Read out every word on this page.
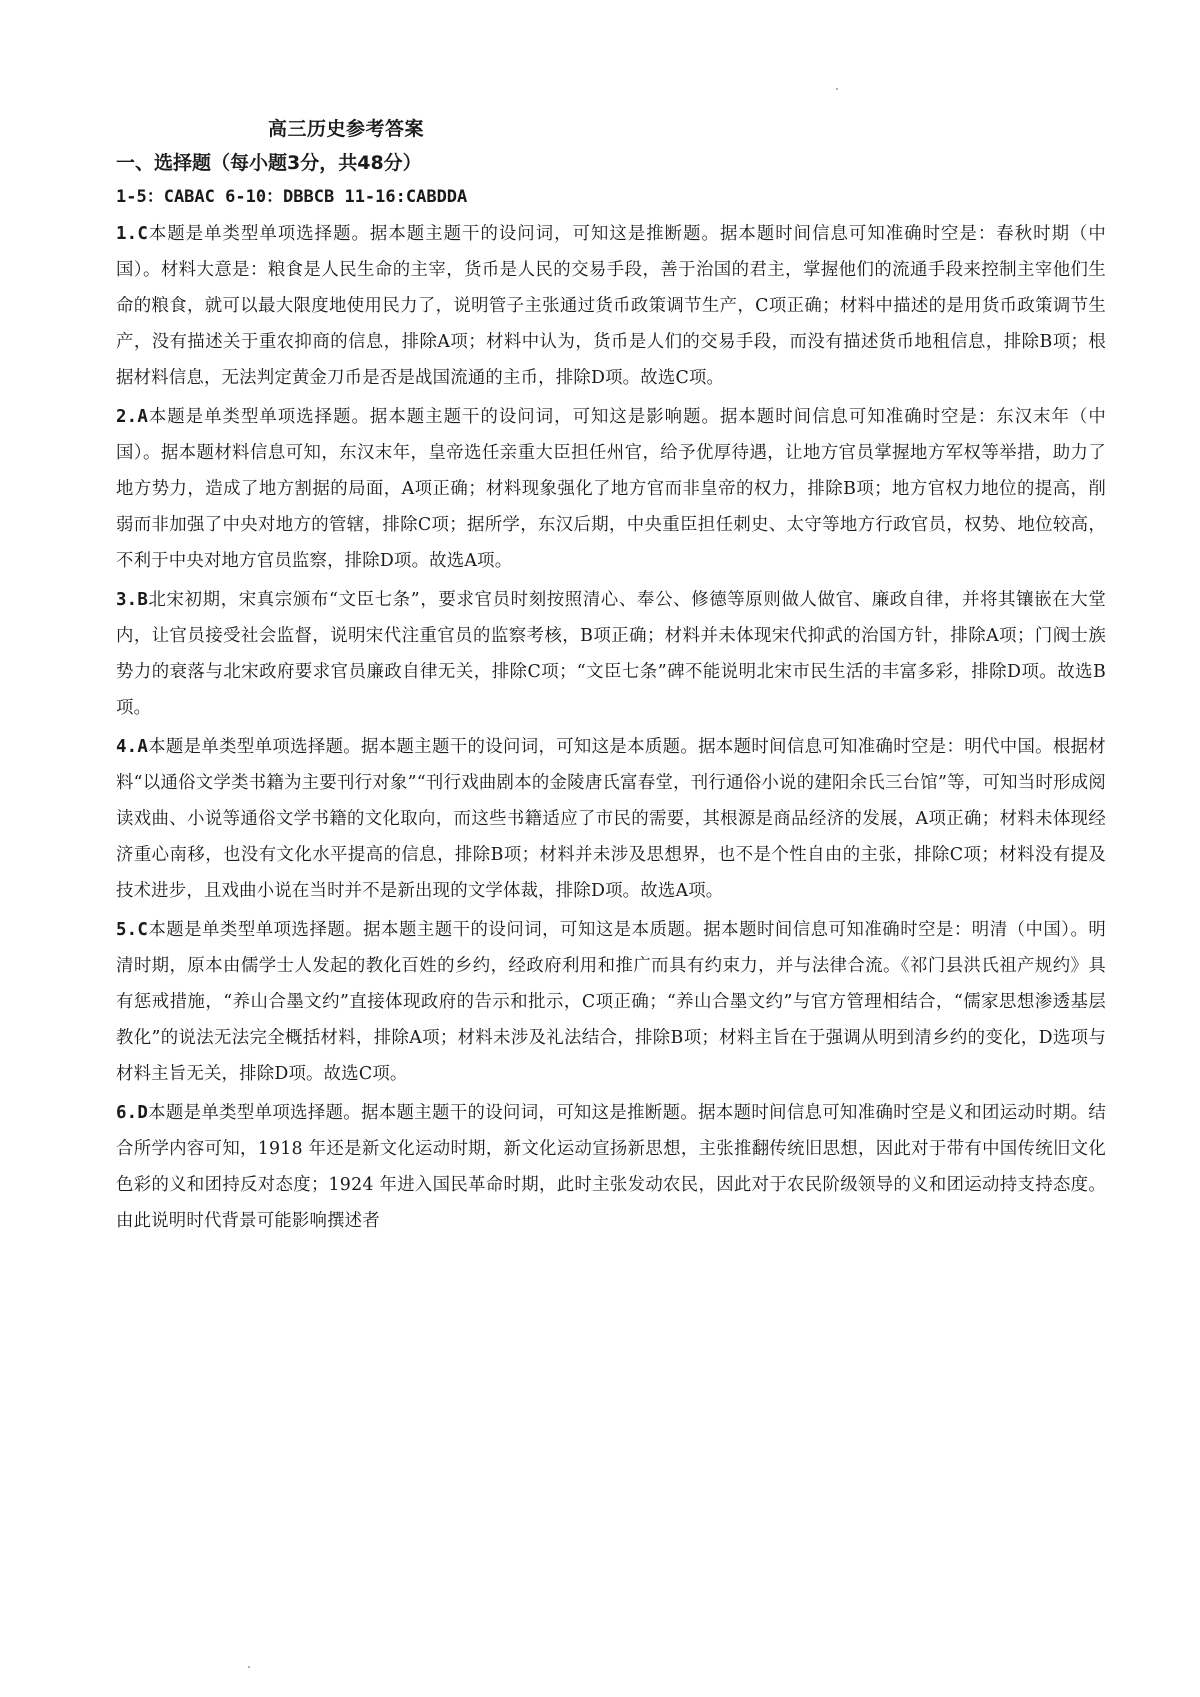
高三历史参考答案
一、选择题（每小题3分，共48分）

1-5：CABAC 6-10：DBBCB 11-16:CABDDA

1.C本题是单类型单项选择题。据本题主题干的设问词，可知这是推断题。据本题时间信息可知准确时空是：春秋时期（中国）。材料大意是：粮食是人民生命的主宰，货币是人民的交易手段，善于治国的君主，掌握他们的流通手段来控制主宰他们生命的粮食，就可以最大限度地使用民力了，说明管子主张通过货币政策调节生产，C项正确；材料中描述的是用货币政策调节生产，没有描述关于重农抑商的信息，排除A项；材料中认为，货币是人们的交易手段，而没有描述货币地租信息，排除B项；根据材料信息，无法判定黄金刀币是否是战国流通的主币，排除D项。故选C项。

2.A本题是单类型单项选择题。据本题主题干的设问词，可知这是影响题。据本题时间信息可知准确时空是：东汉末年（中国）。据本题材料信息可知，东汉末年，皇帝选任亲重大臣担任州官，给予优厚待遇，让地方官员掌握地方军权等举措，助力了地方势力，造成了地方割据的局面，A项正确；材料现象强化了地方官而非皇帝的权力，排除B项；地方官权力地位的提高，削弱而非加强了中央对地方的管辖，排除C项；据所学，东汉后期，中央重臣担任刺史、太守等地方行政官员，权势、地位较高，不利于中央对地方官员监察，排除D项。故选A项。

3.B北宋初期，宋真宗颁布“文臣七条”，要求官员时刻按照清心、奉公、修德等原则做人做官、廉政自律，并将其镶嵌在大堂内，让官员接受社会监督，说明宋代注重官员的监察考核，B项正确；材料并未体现宋代抑武的治国方针，排除A项；门阀士族势力的衰落与北宋政府要求官员廉政自律无关，排除C项；“文臣七条”碑不能说明北宋市民生活的丰富多彩，排除D项。故选B项。

4.A本题是单类型单项选择题。据本题主题干的设问词，可知这是本质题。据本题时间信息可知准确时空是：明代中国。根据材料“以通俗文学类书籍为主要刊行对象”“刊行戏曲剧本的金陵唐氏富春堂，刊行通俗小说的建阳余氏三台馆”等，可知当时形成阅读戏曲、小说等通俗文学书籍的文化取向，而这些书籍适应了市民的需要，其根源是商品经济的发展，A项正确；材料未体现经济重心南移，也没有文化水平提高的信息，排除B项；材料并未涉及思想界，也不是个性自由的主张，排除C项；材料没有提及技术进步，且戏曲小说在当时并不是新出现的文学体裁，排除D项。故选A项。

5.C本题是单类型单项选择题。据本题主题干的设问词，可知这是本质题。据本题时间信息可知准确时空是：明清（中国）。明清时期，原本由儒学士人发起的教化百姓的乡约，经政府利用和推广而具有约束力，并与法律合流。《祁门县洪氏祖产规约》具有惩戒措施，“养山合墨文约”直接体现政府的告示和批示，C项正确；“养山合墨文约”与官方管理相结合，“儒家思想渗透基层教化”的说法无法完全概括材料，排除A项；材料未涉及礼法结合，排除B项；材料主旨在于强调从明到清乡约的变化，D选项与材料主旨无关，排除D项。故选C项。

6.D本题是单类型单项选择题。据本题主题干的设问词，可知这是推断题。据本题时间信息可知准确时空是义和团运动时期。结合所学内容可知，1918 年还是新文化运动时期，新文化运动宣扬新思想，主张推翻传统旧思想，因此对于带有中国传统旧文化色彩的义和团持反对态度；1924 年进入国民革命时期，此时主张发动农民，因此对于农民阶级领导的义和团运动持支持态度。由此说明时代背景可能影响撰述者
